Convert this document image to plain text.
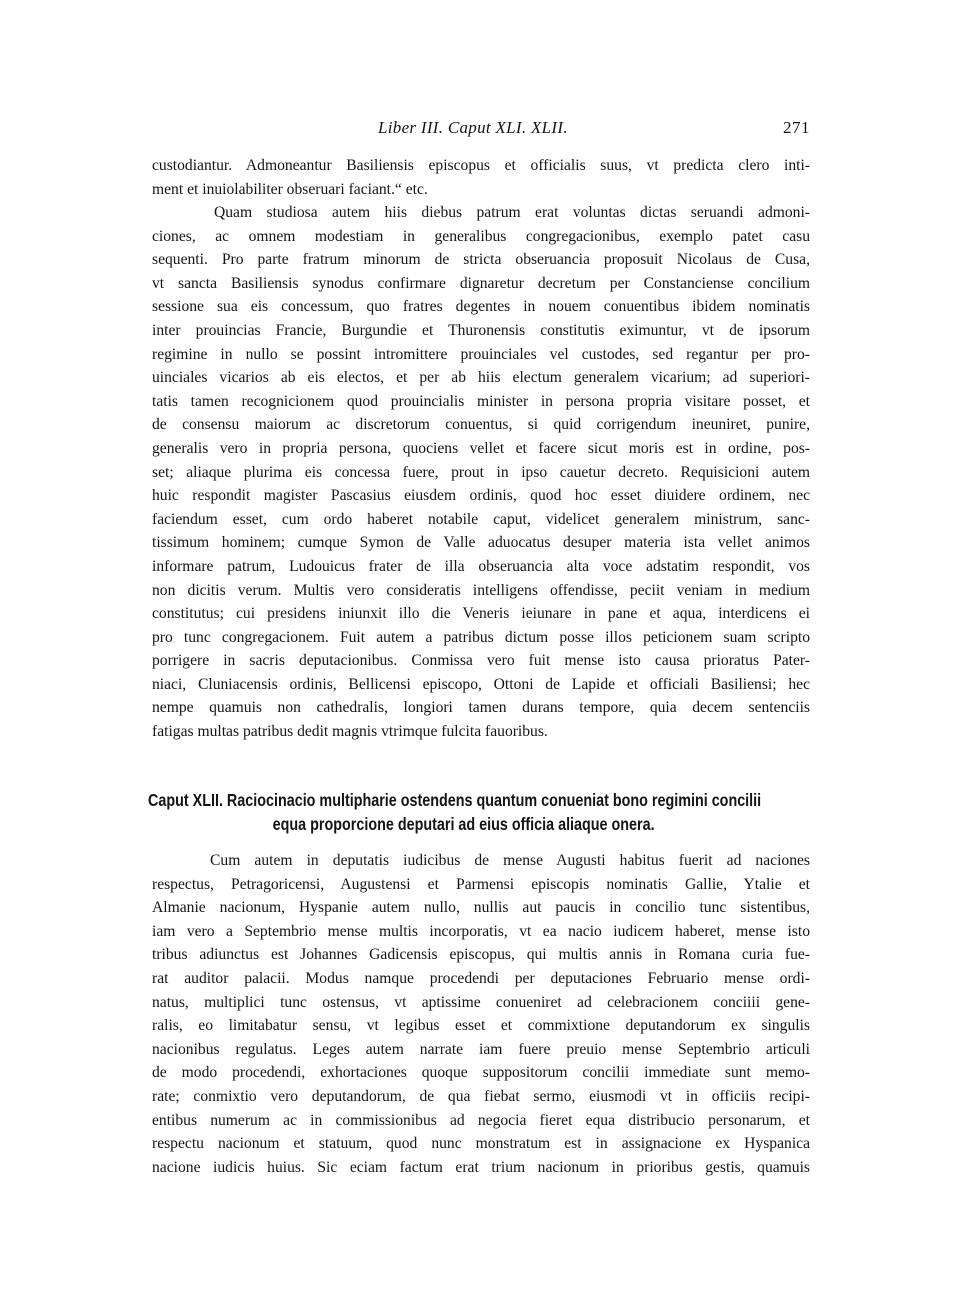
Liber III. Caput XLI. XLII.	271
custodiantur. Admoneantur Basiliensis episcopus et officialis suus, vt predicta clero inti-
ment et inuiolabiliter obseruari faciant.“ etc.
Quam studiosa autem hiis diebus patrum erat voluntas dictas seruandi admoni-
ciones, ac omnem modestiam in generalibus congregacionibus, exemplo patet casu
sequenti. Pro parte fratrum minorum de stricta obseruancia proposuit Nicolaus de Cusa,
vt sancta Basiliensis synodus confirmare dignaretur decretum per Constanciense concilium
sessione sua eis concessum, quo fratres degentes in nouem conuentibus ibidem nominatis
inter prouincias Francie, Burgundie et Thuronensis constitutis eximuntur, vt de ipsorum
regimine in nullo se possint intromittere prouinciales vel custodes, sed regantur per pro-
uinciales vicarios ab eis electos, et per ab hiis electum generalem vicarium; ad superiori-
tatis tamen recognicionem quod prouincialis minister in persona propria visitare posset, et
de consensu maiorum ac discretorum conuentus, si quid corrigendum ineuniret, punire,
generalis vero in propria persona, quociens vellet et facere sicut moris est in ordine, pos-
set; aliaque plurima eis concessa fuere, prout in ipso cauetur decreto. Requisicioni autem
huic respondit magister Pascasius eiusdem ordinis, quod hoc esset diuidere ordinem, nec
faciendum esset, cum ordo haberet notabile caput, videlicet generalem ministrum, sanc-
tissimum hominem; cumque Symon de Valle aduocatus desuper materia ista vellet animos
informare patrum, Ludouicus frater de illa obseruancia alta voce adstatim respondit, vos
non dicitis verum. Multis vero consideratis intelligens offendisse, peciit veniam in medium
constitutus; cui presidens iniunxit illo die Veneris ieiunare in pane et aqua, interdicens ei
pro tunc congregacionem. Fuit autem a patribus dictum posse illos peticionem suam scripto
porrigere in sacris deputacionibus. Conmissa vero fuit mense isto causa prioratus Pater-
niaci, Cluniacensis ordinis, Bellicensi episcopo, Ottoni de Lapide et officiali Basiliensi; hec
nempe quamuis non cathedralis, longiori tamen durans tempore, quia decem sentenciis
fatigas multas patribus dedit magnis vtrimque fulcita fauoribus.
Caput XLII. Raciocinacio multipharie ostendens quantum conueniat bono regimini concilii
equa proporcione deputari ad eius officia aliaque onera.
Cum autem in deputatis iudicibus de mense Augusti habitus fuerit ad naciones
respectus, Petragoricensi, Augustensi et Parmensi episcopis nominatis Gallie, Ytalie et
Almanie nacionum, Hyspanie autem nullo, nullis aut paucis in concilio tunc sistentibus,
iam vero a Septembrio mense multis incorporatis, vt ea nacio iudicem haberet, mense isto
tribus adiunctus est Johannes Gadicensis episcopus, qui multis annis in Romana curia fue-
rat auditor palacii. Modus namque procedendi per deputaciones Februario mense ordi-
natus, multiplici tunc ostensus, vt aptissime conueniret ad celebracionem conciiii gene-
ralis, eo limitabatur sensu, vt legibus esset et commixtione deputandorum ex singulis
nacionibus regulatus. Leges autem narrate iam fuere preuio mense Septembrio articuli
de modo procedendi, exhortaciones quoque suppositorum concilii immediate sunt memo-
rate; conmixtio vero deputandorum, de qua fiebat sermo, eiusmodi vt in officiis recipi-
entibus numerum ac in commissionibus ad negocia fieret equa distribucio personarum, et
respectu nacionum et statuum, quod nunc monstratum est in assignacione ex Hyspanica
nacione iudicis huius. Sic eciam factum erat trium nacionum in prioribus gestis, quamuis
